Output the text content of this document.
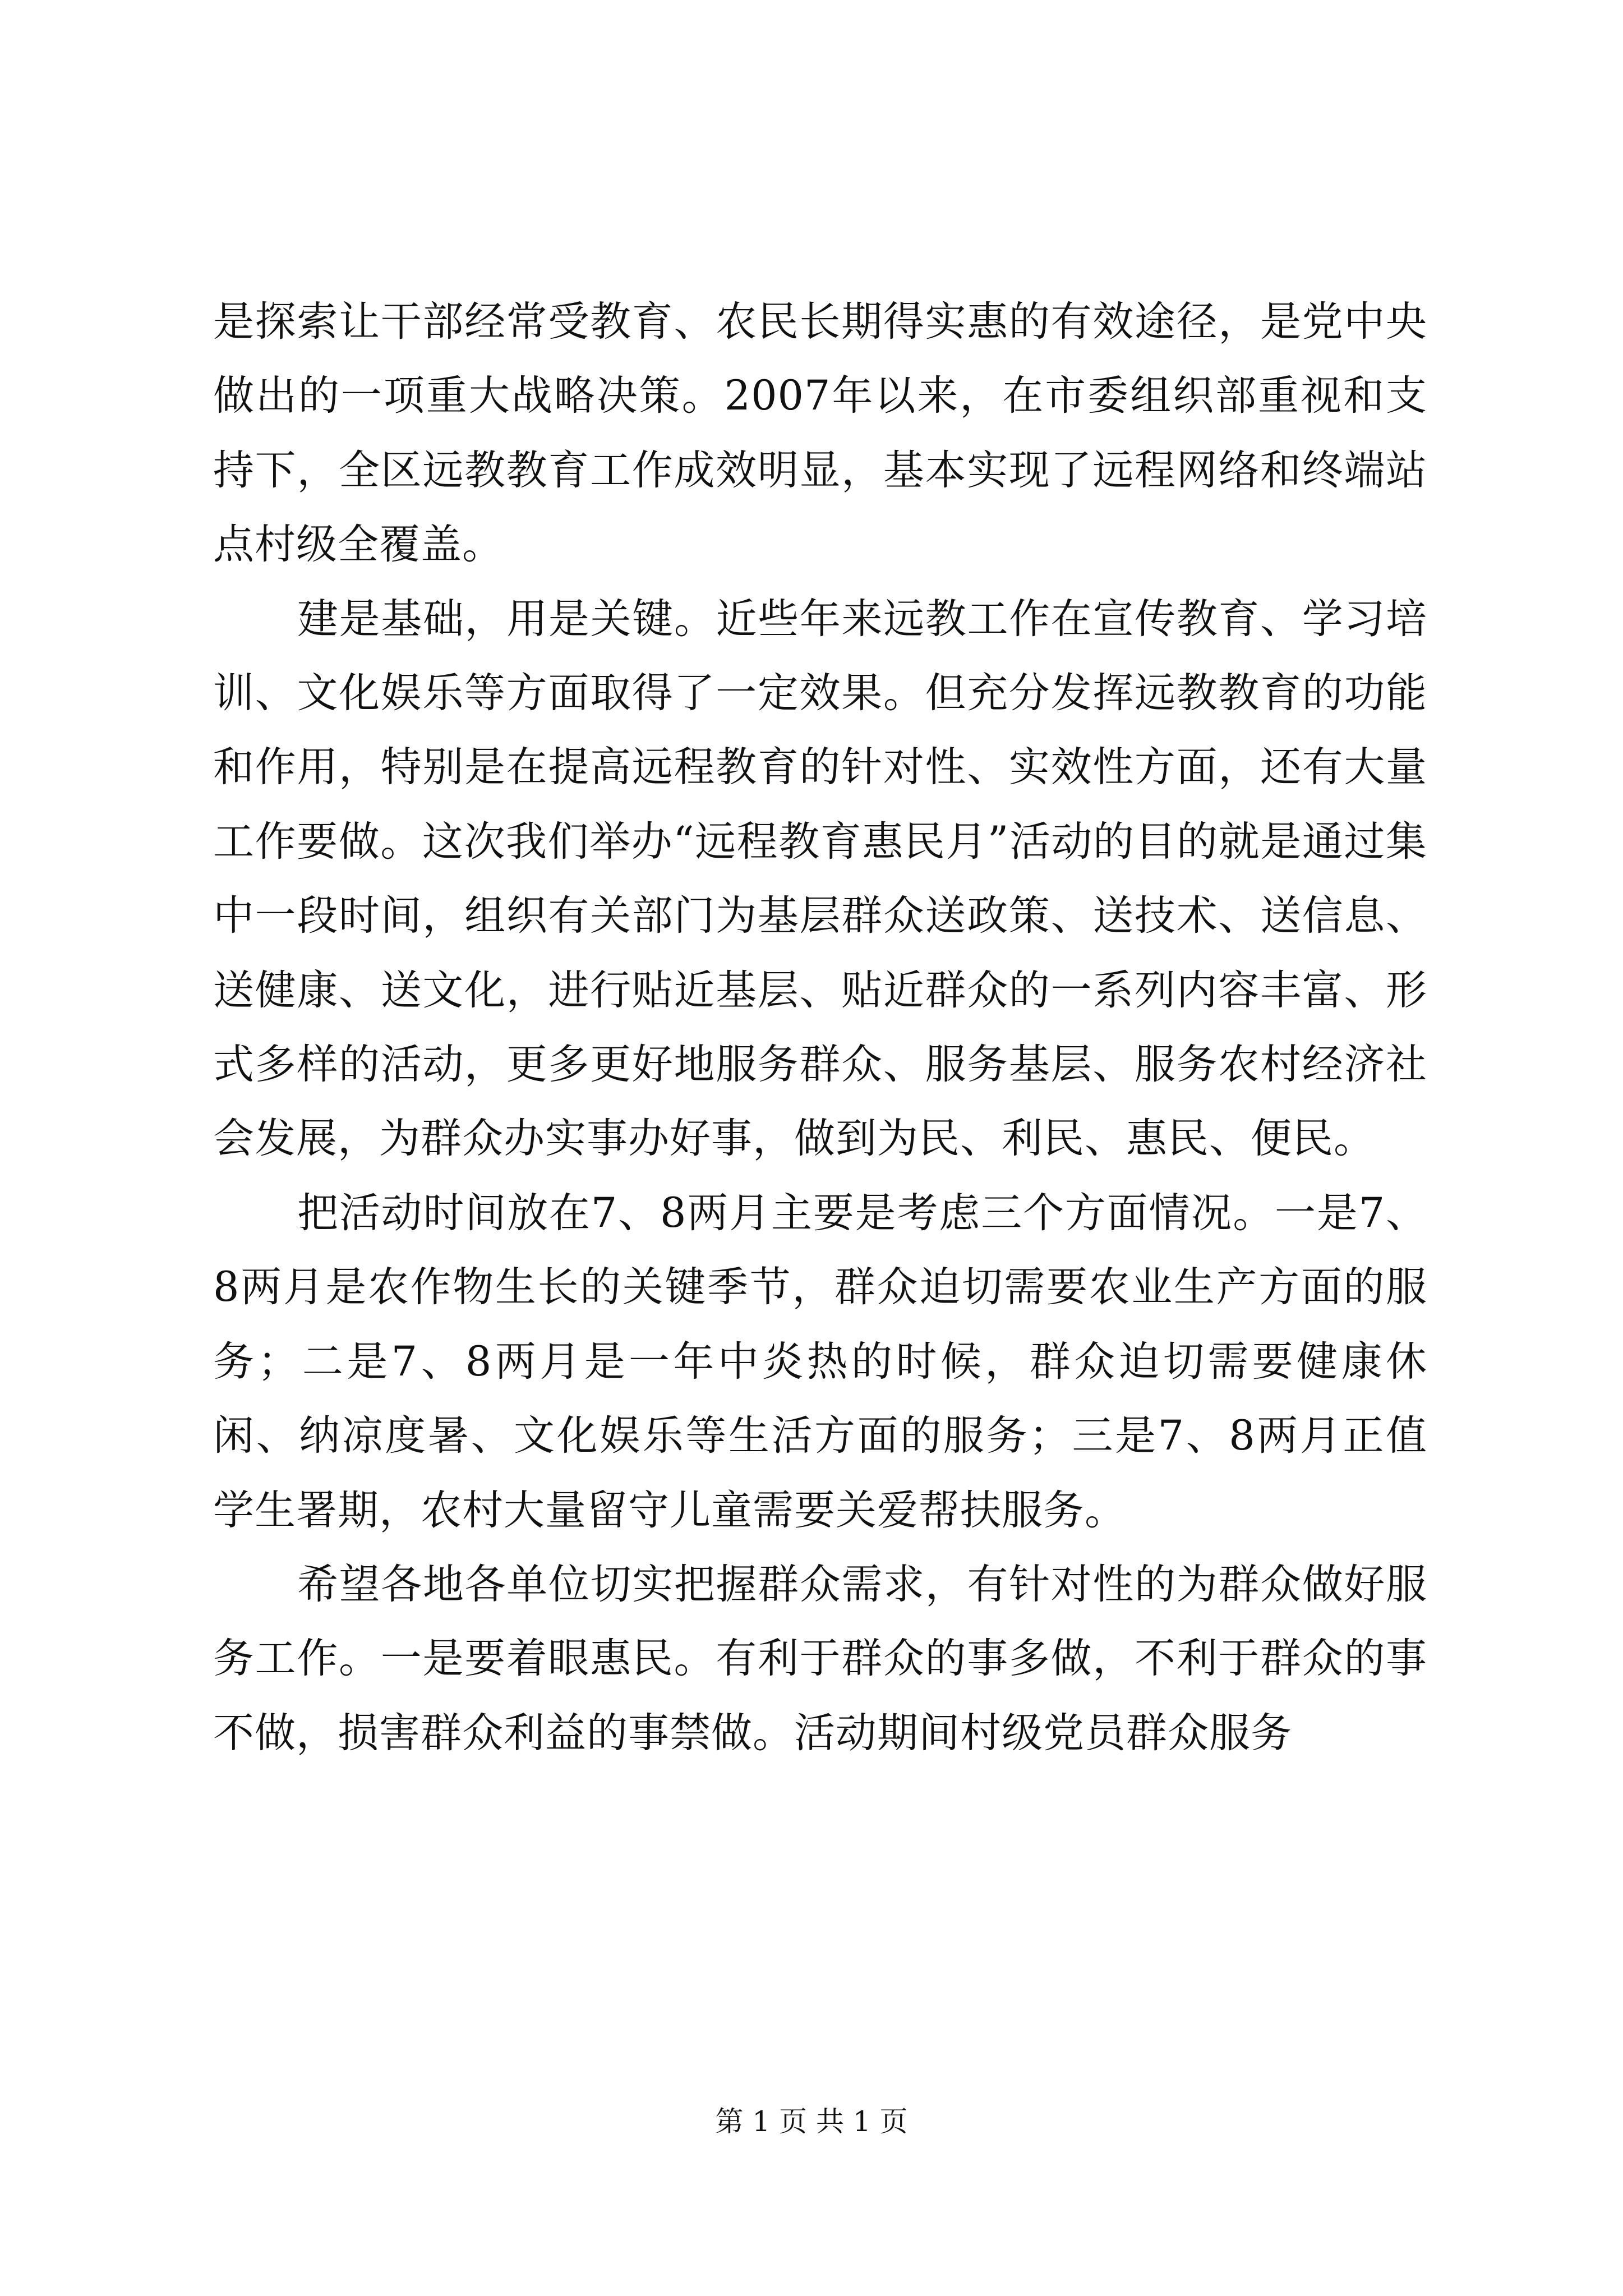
是探索让干部经常受教育、农民长期得实惠的有效途径，是党中央做出的一项重大战略决策。2007年以来，在市委组织部重视和支持下，全区远教教育工作成效明显，基本实现了远程网络和终端站点村级全覆盖。

建是基础，用是关键。近些年来远教工作在宣传教育、学习培训、文化娱乐等方面取得了一定效果。但充分发挥远教教育的功能和作用，特别是在提高远程教育的针对性、实效性方面，还有大量工作要做。这次我们举办“远程教育惠民月”活动的目的就是通过集中一段时间，组织有关部门为基层群众送政策、送技术、送信息、送健康、送文化，进行贴近基层、贴近群众的一系列内容丰富、形式多样的活动，更多更好地服务群众、服务基层、服务农村经济社会发展，为群众办实事办好事，做到为民、利民、惠民、便民。

把活动时间放在7、8两月主要是考虑三个方面情况。一是7、8两月是农作物生长的关键季节，群众迫切需要农业生产方面的服务；二是7、8两月是一年中炎热的时候，群众迫切需要健康休闲、纳凉度暑、文化娱乐等生活方面的服务；三是7、8两月正值学生署期，农村大量留守儿童需要关爱帮扶服务。

希望各地各单位切实把握群众需求，有针对性的为群众做好服务工作。一是要着眼惠民。有利于群众的事多做，不利于群众的事不做，损害群众利益的事禁做。活动期间村级党员群众服务

第 1 页 共 1 页
